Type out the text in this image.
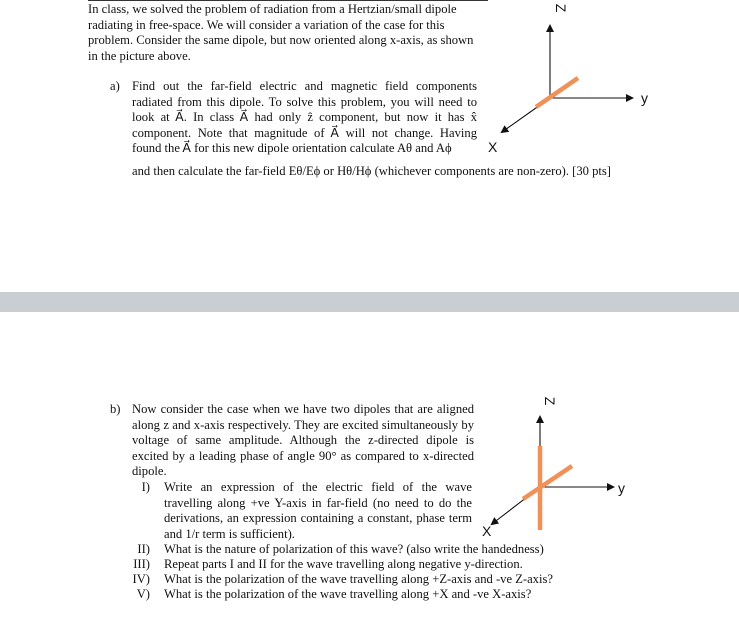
In class, we solved the problem of radiation from a Hertzian/small dipole radiating in free-space. We will consider a variation of the case for this problem. Consider the same dipole, but now oriented along x-axis, as shown in the picture above.
a) Find out the far-field electric and magnetic field components radiated from this dipole. To solve this problem, you will need to look at A⃗. In class A⃗ had only ẑ component, but now it has x̂ component. Note that magnitude of A⃗ will not change. Having found the A⃗ for this new dipole orientation calculate Aθ and Aϕ
and then calculate the far-field Eθ/Eϕ or Hθ/Hϕ (whichever components are non-zero). [30 pts]
Z
y
X
b) Now consider the case when we have two dipoles that are aligned along z and x-axis respectively. They are excited simultaneously by voltage of same amplitude. Although the z-directed dipole is excited by a leading phase of angle 90° as compared to x-directed dipole.
I) Write an expression of the electric field of the wave travelling along +ve Y-axis in far-field (no need to do the derivations, an expression containing a constant, phase term and 1/r term is sufficient).
II) What is the nature of polarization of this wave? (also write the handedness)
III) Repeat parts I and II for the wave travelling along negative y-direction.
IV) What is the polarization of the wave travelling along +Z-axis and -ve Z-axis?
V) What is the polarization of the wave travelling along +X and -ve X-axis?
Z
y
X
